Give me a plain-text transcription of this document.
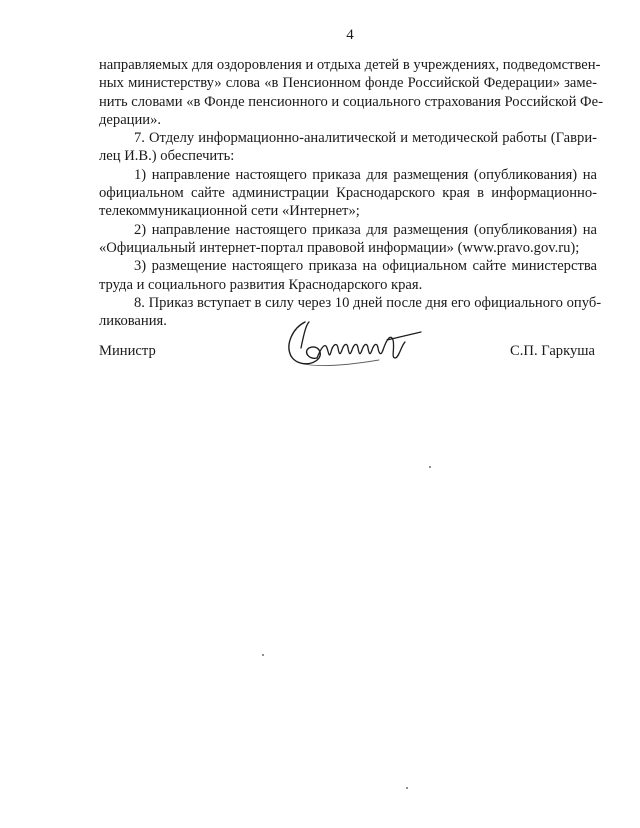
4
направляемых для оздоровления и отдыха детей в учреждениях, подведомствен-
ных министерству» слова «в Пенсионном фонде Российской Федерации» заме-
нить словами «в Фонде пенсионного и социального страхования Российской Фе-
дерации».
7. Отделу информационно-аналитической и методической работы (Гаври-
лец И.В.) обеспечить:
1) направление настоящего приказа для размещения (опубликования) на
официальном сайте администрации Краснодарского края в информационно-
телекоммуникационной сети «Интернет»;
2) направление настоящего приказа для размещения (опубликования) на
«Официальный интернет-портал правовой информации» (www.pravo.gov.ru);
3) размещение настоящего приказа на официальном сайте министерства
труда и социального развития Краснодарского края.
8. Приказ вступает в силу через 10 дней после дня его официального опуб-
ликования.
Министр	С.П. Гаркуша
